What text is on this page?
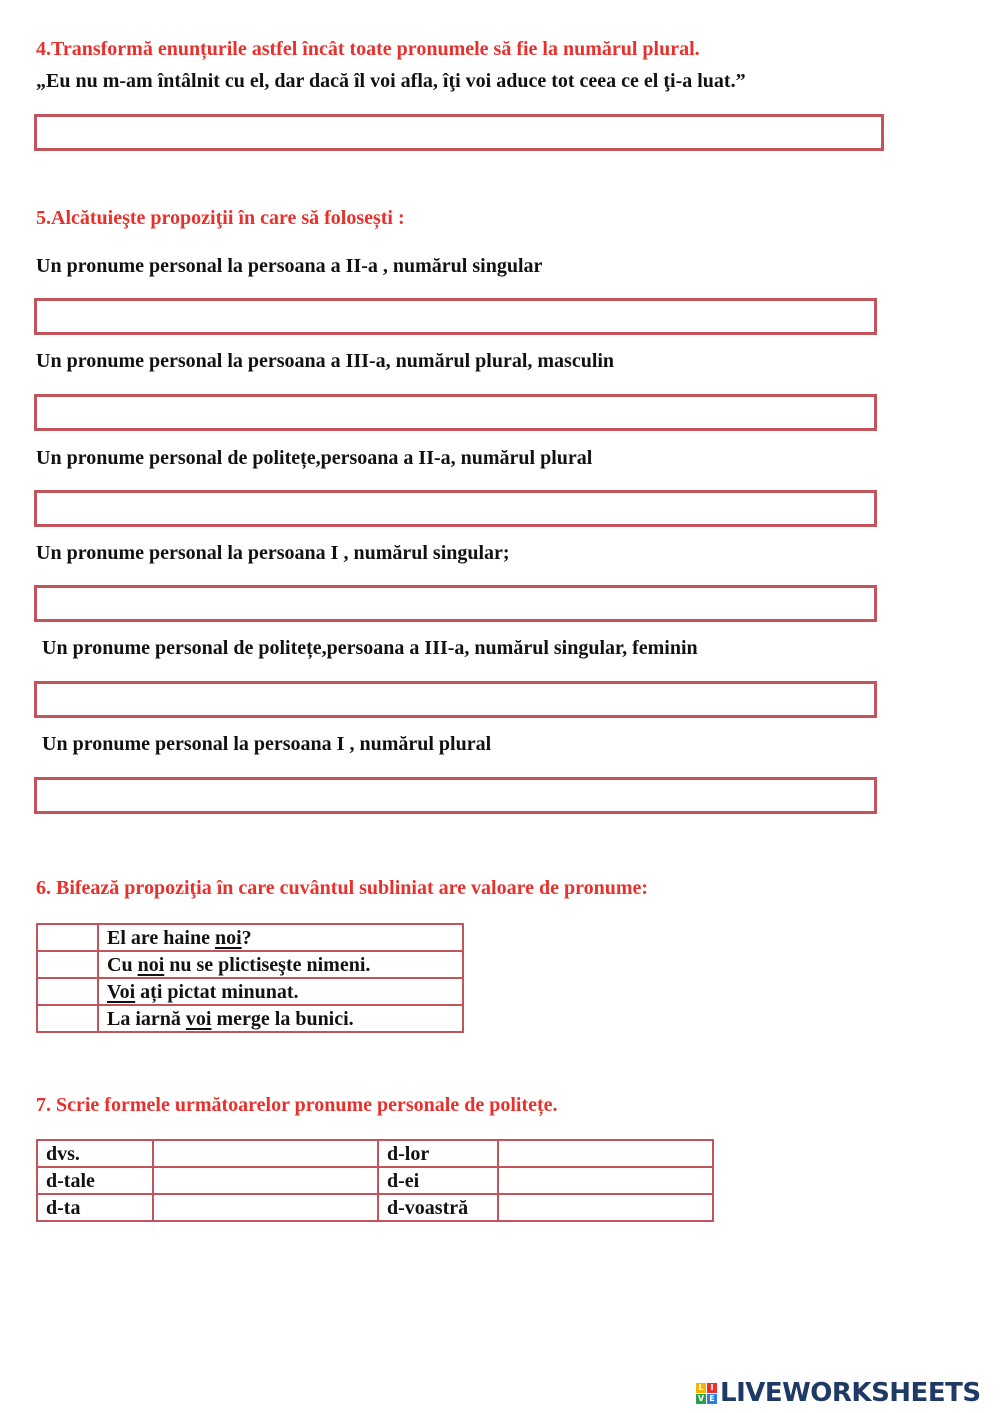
4.Transformă enunțurile astfel încât toate pronumele să fie la numărul plural.
„Eu nu m-am întâlnit cu el, dar dacă îl voi afla, îţi voi aduce tot ceea ce el ţi-a luat.”
5.Alcătuieşte propoziţii în care să folosești :
Un pronume personal la persoana a II-a , numărul singular
Un pronume personal la persoana a III-a, numărul plural, masculin
Un pronume personal de politețe,persoana a II-a, numărul plural
Un pronume personal la persoana I , numărul singular;
Un pronume personal de politețe,persoana a III-a, numărul singular, feminin
Un pronume personal la persoana I , numărul plural
6. Bifează propoziţia în care cuvântul subliniat are valoare de pronume:
	El are haine noi?
	Cu noi nu se plictiseşte nimeni.
	Voi ați pictat minunat.
	La iarnă voi merge la bunici.
7. Scrie formele următoarelor pronume personale de politețe.
dvs.		d-lor	
d-tale		d-ei	
d-ta		d-voastră	
L I
V E LIVEWORKSHEETS
